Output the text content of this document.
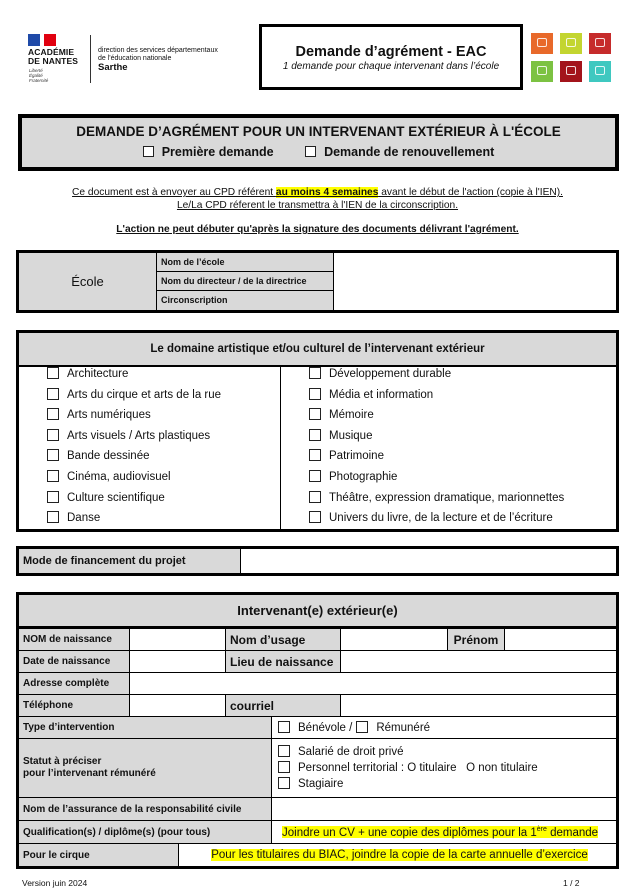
ACADÉMIE
DE NANTES
Liberté
Égalité
Fraternité
direction des services départementaux
de l'éducation nationale
Sarthe
Demande d’agrément - EAC
1 demande pour chaque intervenant dans l’école
DEMANDE D’AGRÉMENT POUR UN INTERVENANT EXTÉRIEUR À L'ÉCOLE
Première demande	Demande de renouvellement
Ce document est à envoyer au CPD référent au moins 4 semaines avant le début de l'action (copie à l'IEN).
Le/La CPD réferent le transmettra à l'IEN de la circonscription.
L'action ne peut débuter qu'après la signature des documents délivrant l'agrément.
École
Nom de l’école
Nom du directeur / de la directrice
Circonscription
Le domaine artistique et/ou culturel de l’intervenant extérieur
Architecture
Arts du cirque et arts de la rue
Arts numériques
Arts visuels / Arts plastiques
Bande dessinée
Cinéma, audiovisuel
Culture scientifique
Danse
Développement durable
Média et information
Mémoire
Musique
Patrimoine
Photographie
Théâtre, expression dramatique, marionnettes
Univers du livre, de la lecture et de l’écriture
Mode de financement du projet
Intervenant(e) extérieur(e)
NOM de naissance	Nom d’usage	Prénom
Date de naissance	Lieu de naissance
Adresse complète
Téléphone	courriel
Type d’intervention	Bénévole /	Rémunéré
Statut à préciser
pour l’intervenant rémunéré
Salarié de droit privé
Personnel territorial : O titulaire   O non titulaire
Stagiaire
Nom de l’assurance de la responsabilité civile
Qualification(s) / diplôme(s) (pour tous)	Joindre un CV + une copie des diplômes pour la 1ère demande
Pour le cirque	Pour les titulaires du BIAC, joindre la copie de la carte annuelle d’exercice
Version juin 2024	1 / 2
